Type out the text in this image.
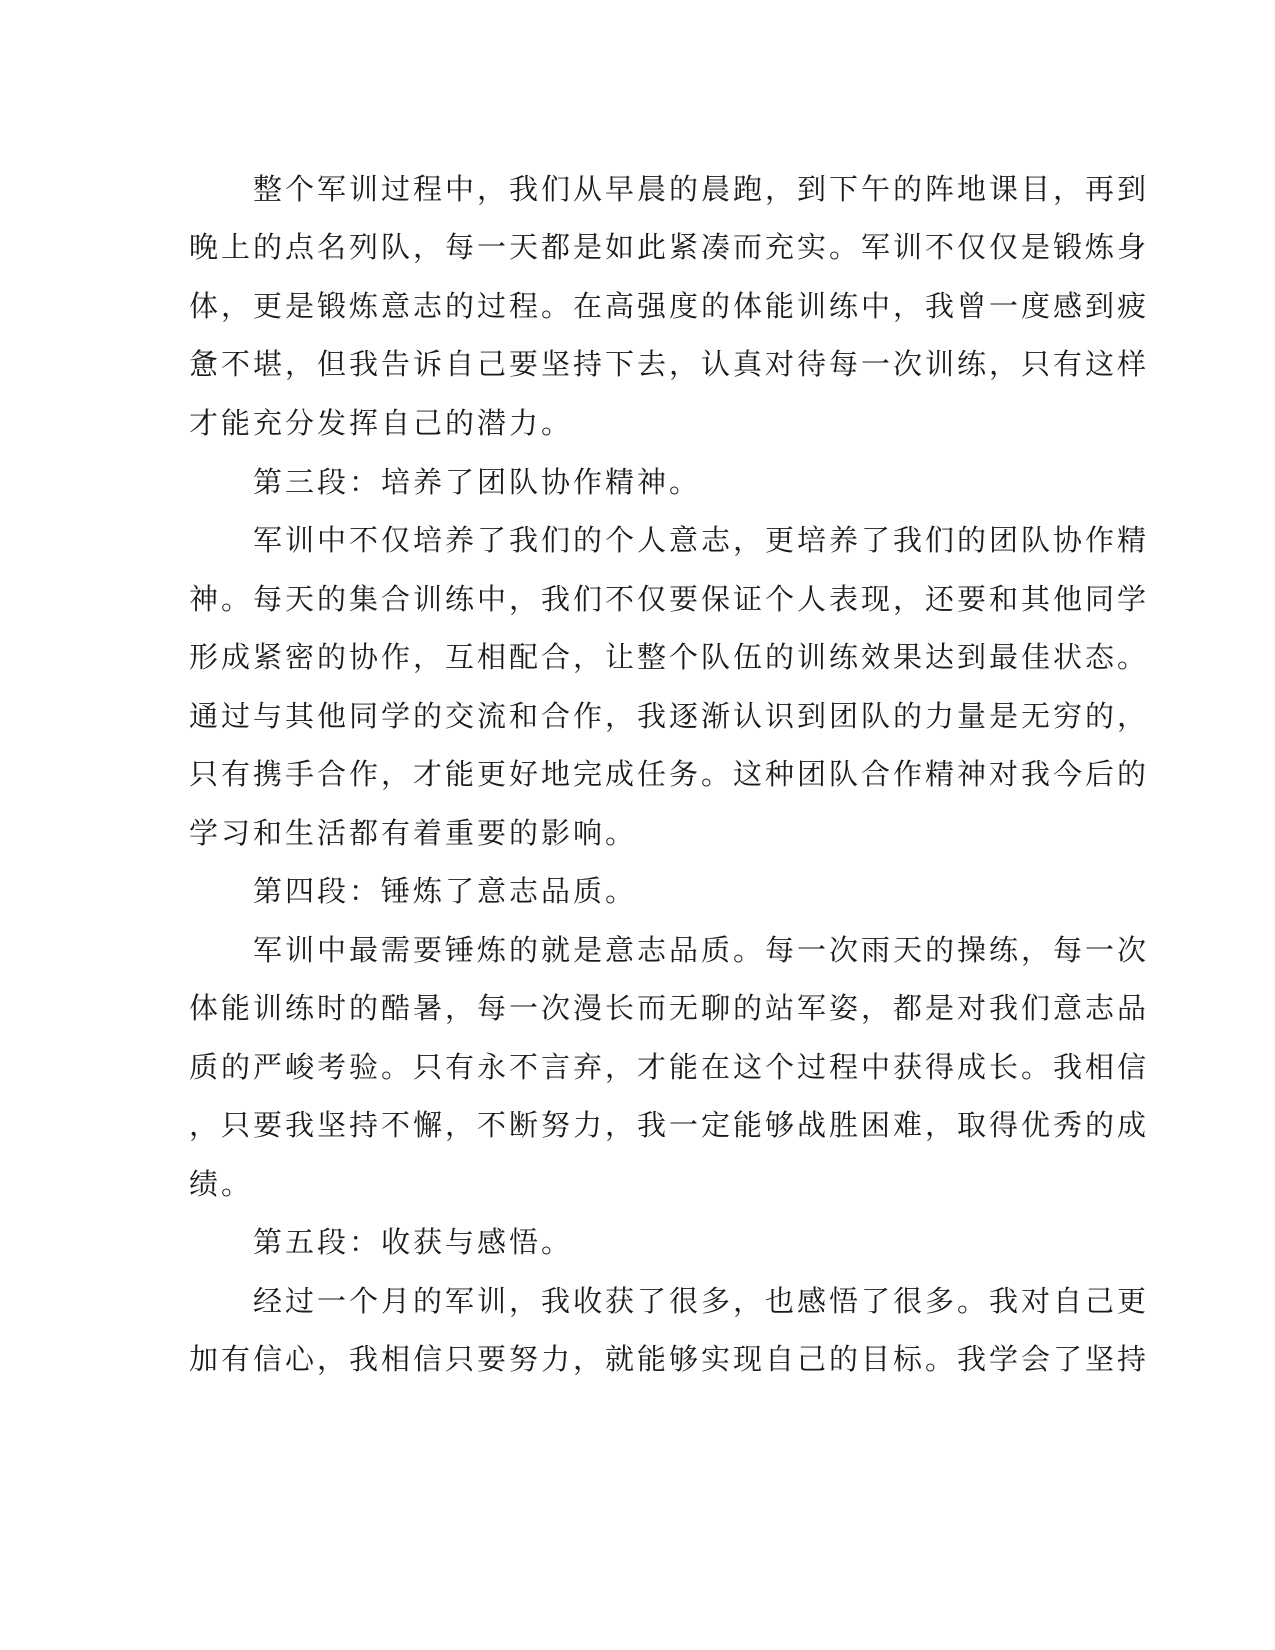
　　整个军训过程中，我们从早晨的晨跑，到下午的阵地课目，再到
晚上的点名列队，每一天都是如此紧凑而充实。军训不仅仅是锻炼身
体，更是锻炼意志的过程。在高强度的体能训练中，我曾一度感到疲
惫不堪，但我告诉自己要坚持下去，认真对待每一次训练，只有这样
才能充分发挥自己的潜力。
　　第三段：培养了团队协作精神。
　　军训中不仅培养了我们的个人意志，更培养了我们的团队协作精
神。每天的集合训练中，我们不仅要保证个人表现，还要和其他同学
形成紧密的协作，互相配合，让整个队伍的训练效果达到最佳状态。
通过与其他同学的交流和合作，我逐渐认识到团队的力量是无穷的，
只有携手合作，才能更好地完成任务。这种团队合作精神对我今后的
学习和生活都有着重要的影响。
　　第四段：锤炼了意志品质。
　　军训中最需要锤炼的就是意志品质。每一次雨天的操练，每一次
体能训练时的酷暑，每一次漫长而无聊的站军姿，都是对我们意志品
质的严峻考验。只有永不言弃，才能在这个过程中获得成长。我相信
，只要我坚持不懈，不断努力，我一定能够战胜困难，取得优秀的成
绩。
　　第五段：收获与感悟。
　　经过一个月的军训，我收获了很多，也感悟了很多。我对自己更
加有信心，我相信只要努力，就能够实现自己的目标。我学会了坚持
